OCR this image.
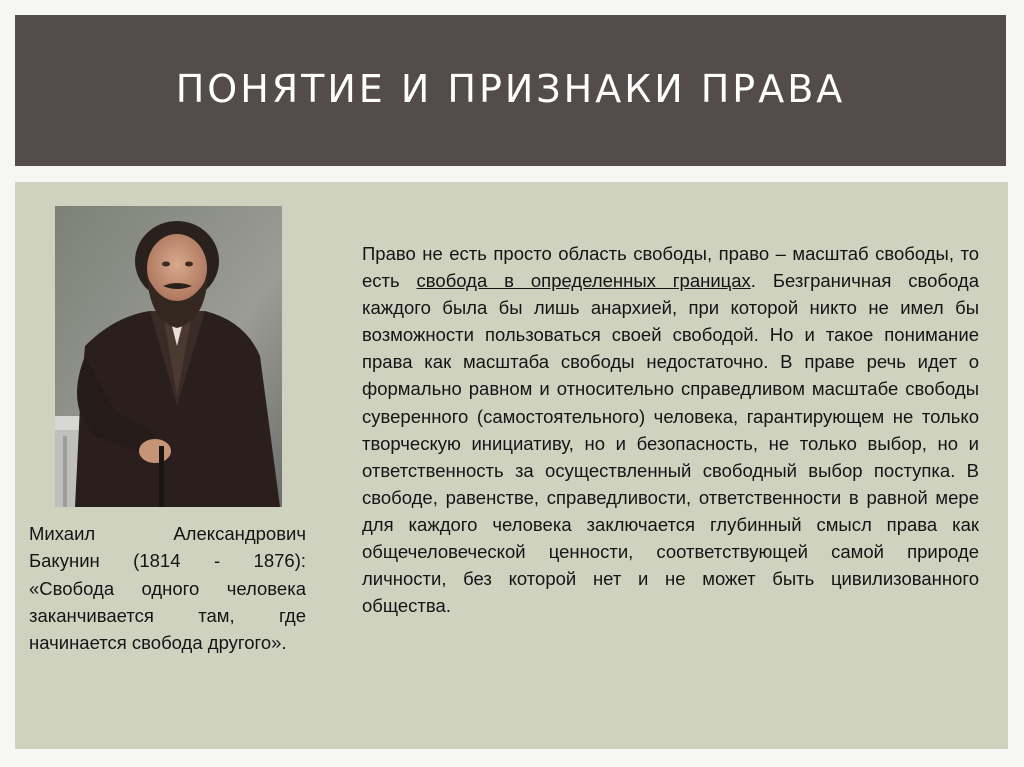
ПОНЯТИЕ И ПРИЗНАКИ ПРАВА
Михаил Александрович Бакунин (1814 - 1876): «Свобода одного человека заканчивается там, где начинается свобода другого».
Право не есть просто область свободы, право – масштаб свободы, то есть свобода в определенных границах. Безграничная свобода каждого была бы лишь анархией, при которой никто не имел бы возможности пользоваться своей свободой. Но и такое понимание права как масштаба свободы недостаточно. В праве речь идет о формально равном и относительно справедливом масштабе свободы суверенного (самостоятельного) человека, гарантирующем не только творческую инициативу, но и безопасность, не только выбор, но и ответственность за осуществленный свободный выбор поступка. В свободе, равенстве, справедливости, ответственности в равной мере для каждого человека заключается глубинный смысл права как общечеловеческой ценности, соответствующей самой природе личности, без которой нет и не может быть цивилизованного общества.
